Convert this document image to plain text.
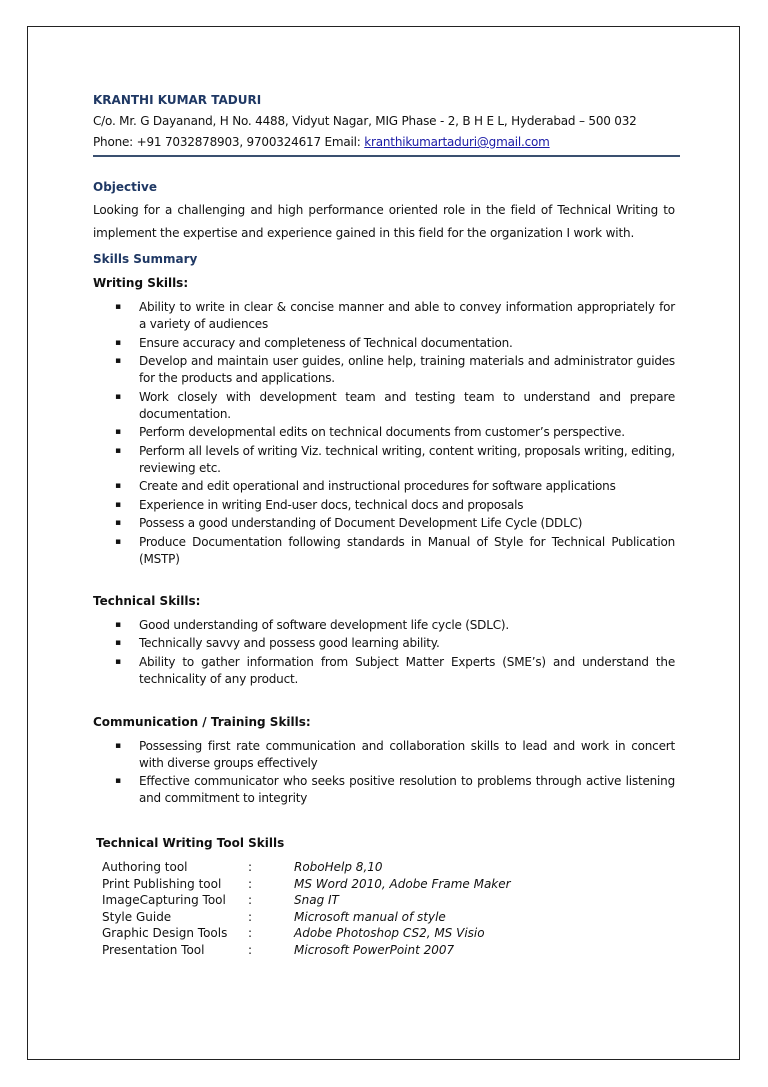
KRANTHI KUMAR TADURI
C/o. Mr. G Dayanand, H No. 4488, Vidyut Nagar, MIG Phase - 2, B H E L, Hyderabad – 500 032
Phone: +91 7032878903, 9700324617 Email: kranthikumartaduri@gmail.com
Objective
Looking for a challenging and high performance oriented role in the field of Technical Writing to implement the expertise and experience gained in this field for the organization I work with.
Skills Summary
Writing Skills:
▪ Ability to write in clear & concise manner and able to convey information appropriately for a variety of audiences
▪ Ensure accuracy and completeness of Technical documentation.
▪ Develop and maintain user guides, online help, training materials and administrator guides for the products and applications.
▪ Work closely with development team and testing team to understand and prepare documentation.
▪ Perform developmental edits on technical documents from customer’s perspective.
▪ Perform all levels of writing Viz. technical writing, content writing, proposals writing, editing, reviewing etc.
▪ Create and edit operational and instructional procedures for software applications
▪ Experience in writing End-user docs, technical docs and proposals
▪ Possess a good understanding of Document Development Life Cycle (DDLC)
▪ Produce Documentation following standards in Manual of Style for Technical Publication (MSTP)
Technical Skills:
▪ Good understanding of software development life cycle (SDLC).
▪ Technically savvy and possess good learning ability.
▪ Ability to gather information from Subject Matter Experts (SME’s) and understand the technicality of any product.
Communication / Training Skills:
▪ Possessing first rate communication and collaboration skills to lead and work in concert with diverse groups effectively
▪ Effective communicator who seeks positive resolution to problems through active listening and commitment to integrity
Technical Writing Tool Skills
Authoring tool	:	RoboHelp 8,10
Print Publishing tool	:	MS Word 2010, Adobe Frame Maker
ImageCapturing Tool	:	Snag IT
Style Guide	:	Microsoft manual of style
Graphic Design Tools	:	Adobe Photoshop CS2, MS Visio
Presentation Tool	:	Microsoft PowerPoint 2007
